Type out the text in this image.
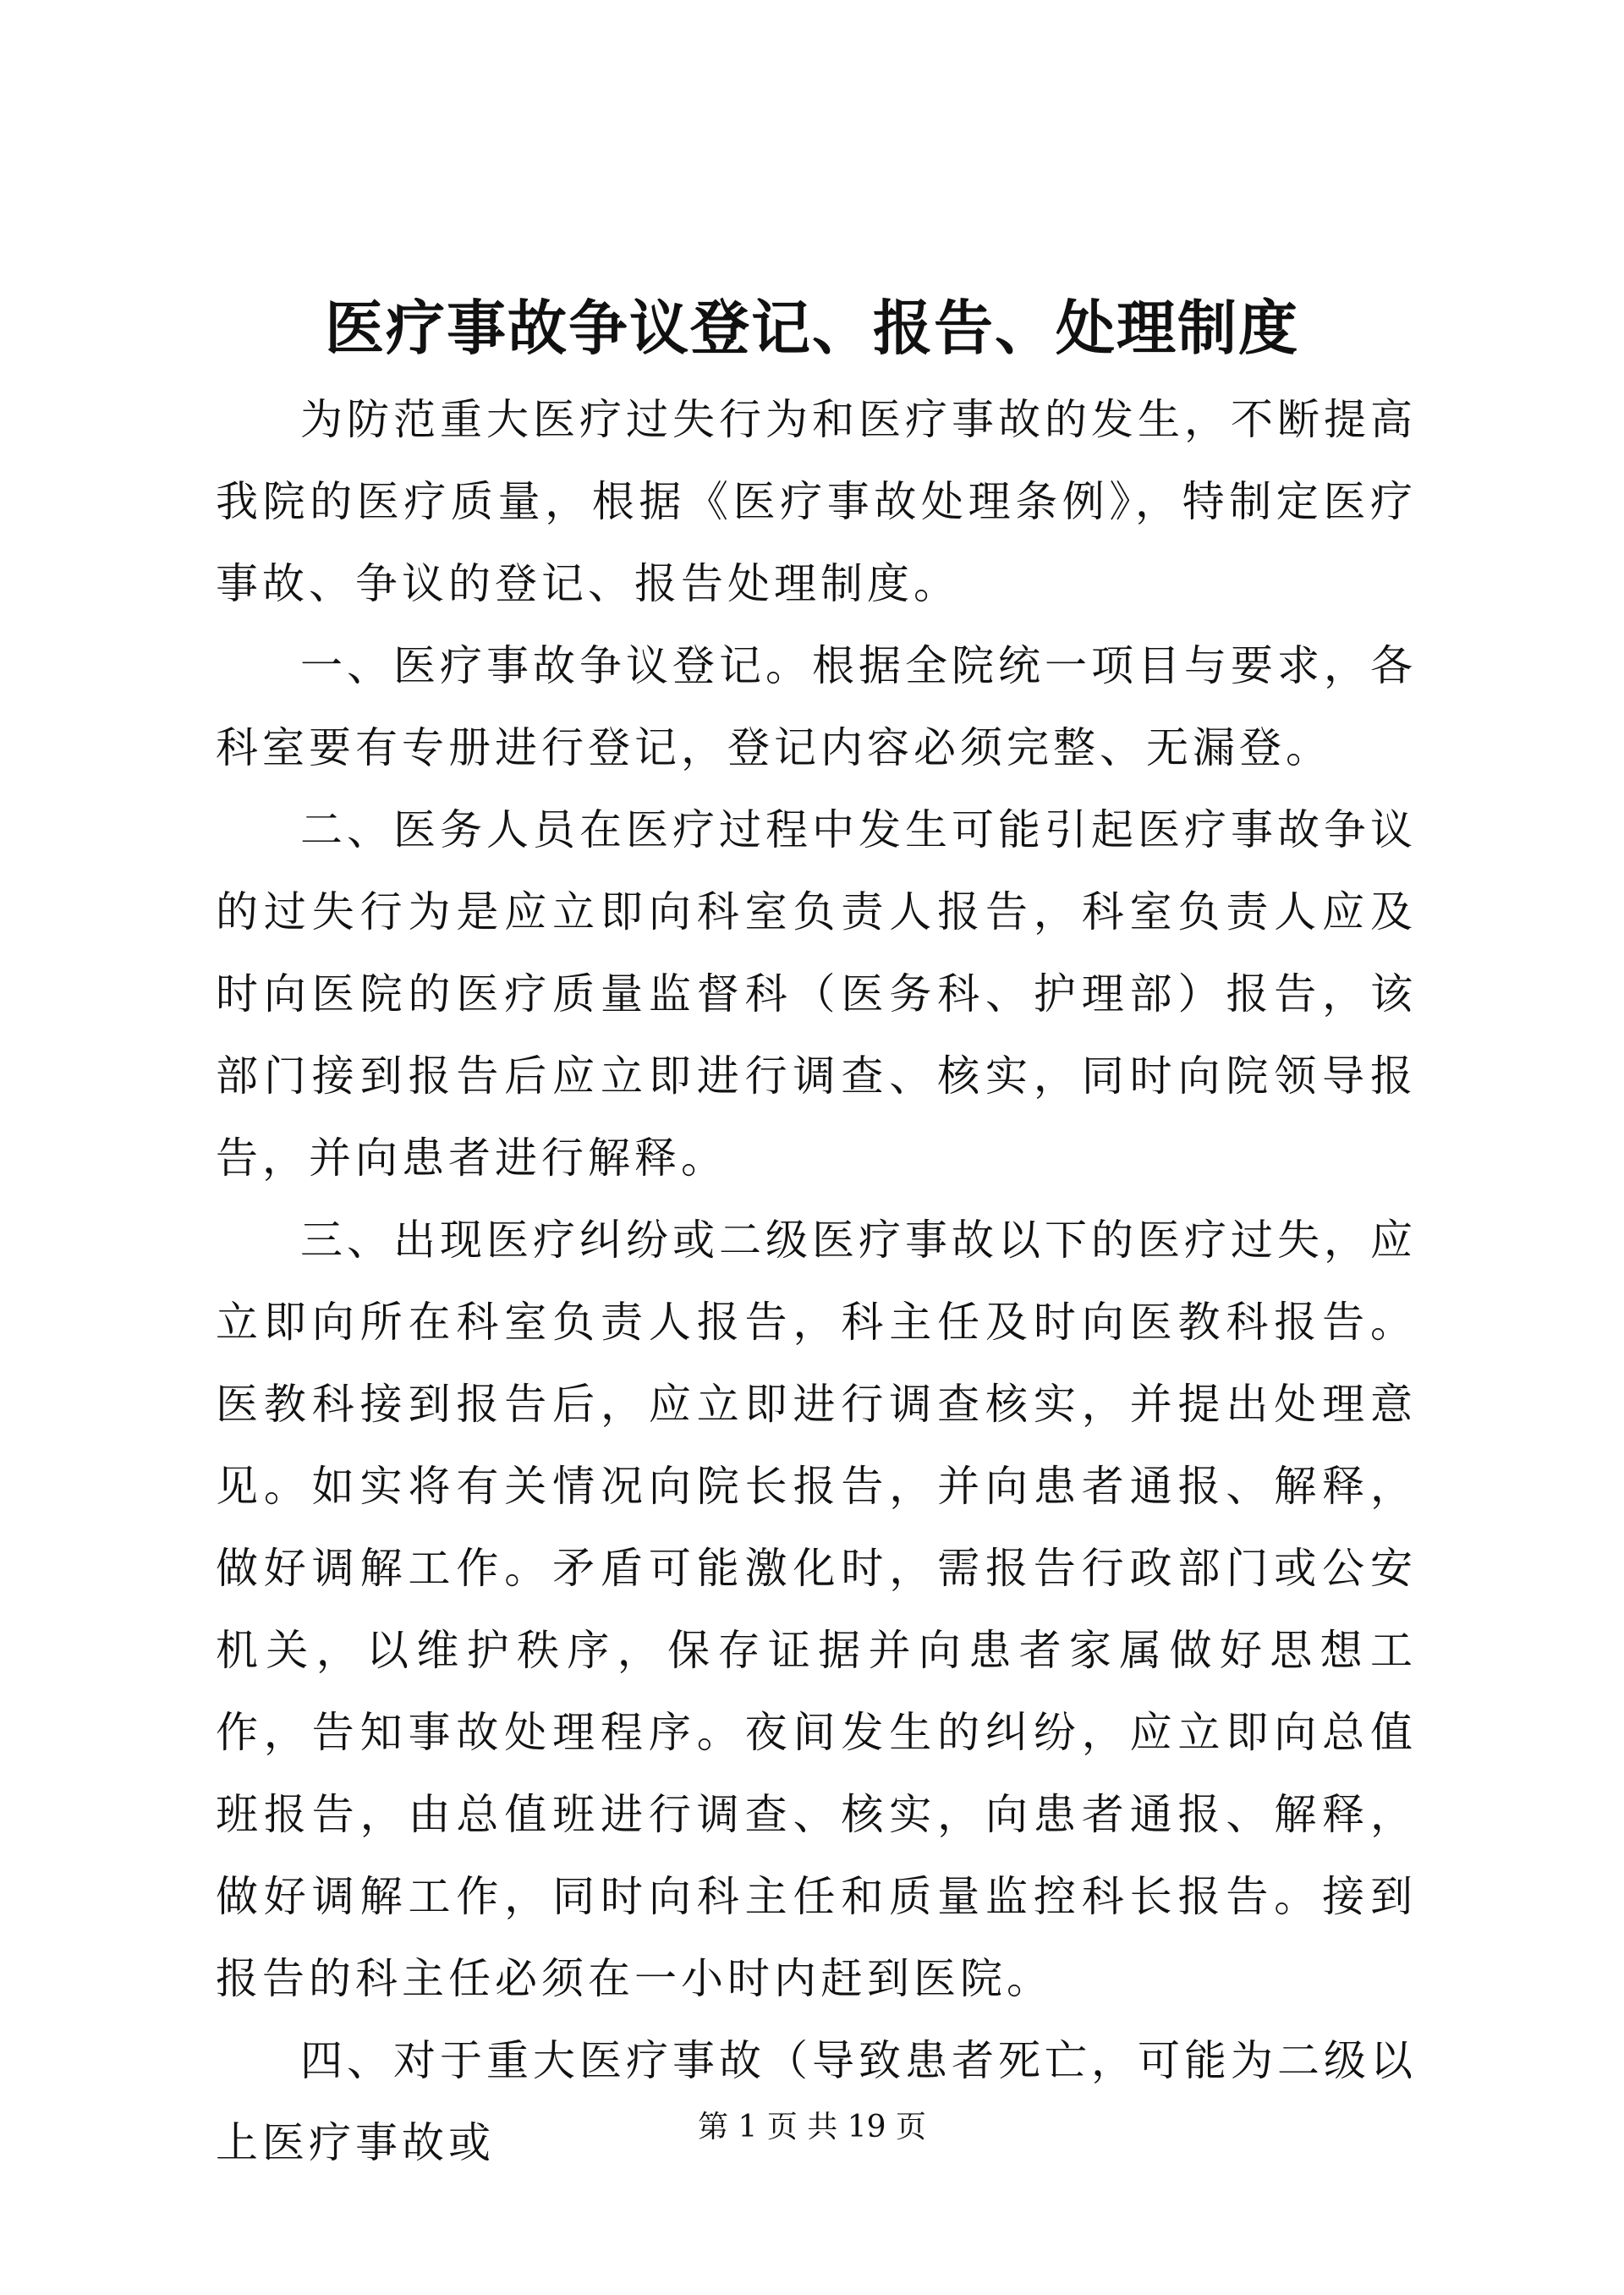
医疗事故争议登记、报告、处理制度

为防范重大医疗过失行为和医疗事故的发生，不断提高我院的医疗质量，根据《医疗事故处理条例》，特制定医疗事故、争议的登记、报告处理制度。

一、医疗事故争议登记。根据全院统一项目与要求，各科室要有专册进行登记，登记内容必须完整、无漏登。

二、医务人员在医疗过程中发生可能引起医疗事故争议的过失行为是应立即向科室负责人报告，科室负责人应及时向医院的医疗质量监督科（医务科、护理部）报告，该部门接到报告后应立即进行调查、核实，同时向院领导报告，并向患者进行解释。

三、出现医疗纠纷或二级医疗事故以下的医疗过失，应立即向所在科室负责人报告，科主任及时向医教科报告。医教科接到报告后，应立即进行调查核实，并提出处理意见。如实将有关情况向院长报告，并向患者通报、解释，做好调解工作。矛盾可能激化时，需报告行政部门或公安机关，以维护秩序，保存证据并向患者家属做好思想工作，告知事故处理程序。夜间发生的纠纷，应立即向总值班报告，由总值班进行调查、核实，向患者通报、解释，做好调解工作，同时向科主任和质量监控科长报告。接到报告的科主任必须在一小时内赶到医院。

四、对于重大医疗事故（导致患者死亡，可能为二级以上医疗事故或	第 1 页 共 19 页
